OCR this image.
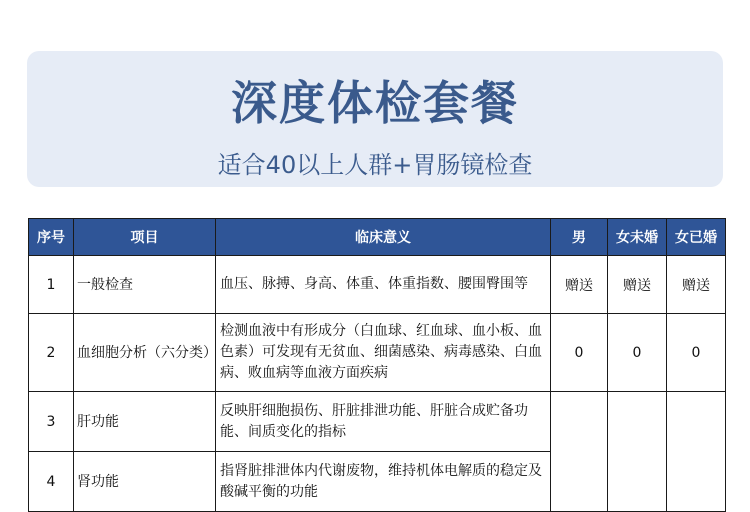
深度体检套餐
适合40以上人群+胃肠镜检查
序号	项目	临床意义	男	女未婚	女已婚
1	一般检查	血压、脉搏、身高、体重、体重指数、腰围臀围等	赠送	赠送	赠送
2	血细胞分析（六分类）	检测血液中有形成分（白血球、红血球、血小板、血色素）可发现有无贫血、细菌感染、病毒感染、白血病、败血病等血液方面疾病	0	0	0
3	肝功能	反映肝细胞损伤、肝脏排泄功能、肝脏合成贮备功能、间质变化的指标			
4	肾功能	指肾脏排泄体内代谢废物，维持机体电解质的稳定及酸碱平衡的功能			
